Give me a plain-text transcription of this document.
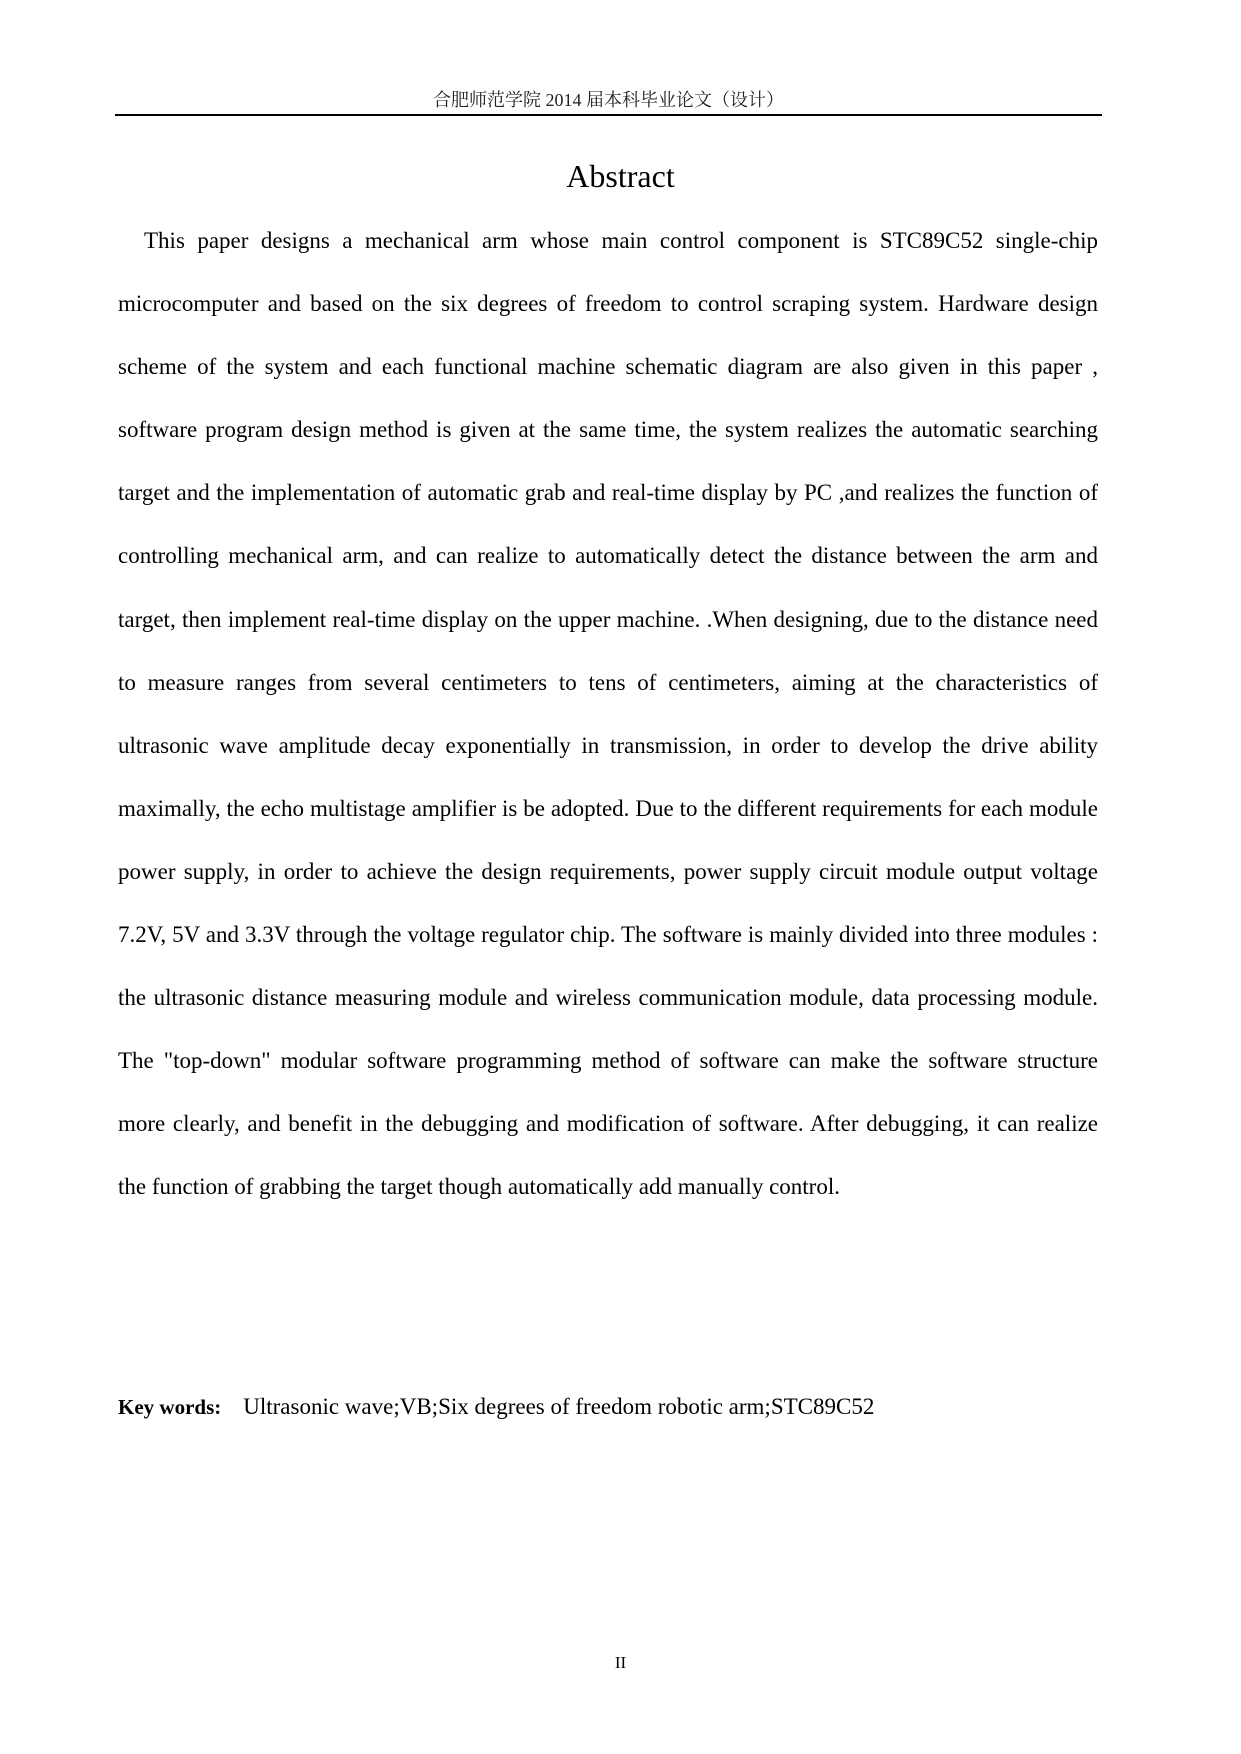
合肥师范学院 2014 届本科毕业论文（设计）
Abstract

This paper designs a mechanical arm whose main control component is STC89C52 single-chip microcomputer and based on the six degrees of freedom to control scraping system. Hardware design scheme of the system and each functional machine schematic diagram are also given in this paper , software program design method is given at the same time, the system realizes the automatic searching target and the implementation of automatic grab and real-time display by PC ,and realizes the function of controlling mechanical arm, and can realize to automatically detect the distance between the arm and target, then implement real-time display on the upper machine. .When designing, due to the distance need to measure ranges from several centimeters to tens of centimeters, aiming at the characteristics of ultrasonic wave amplitude decay exponentially in transmission, in order to develop the drive ability maximally, the echo multistage amplifier is be adopted. Due to the different requirements for each module power supply, in order to achieve the design requirements, power supply circuit module output voltage 7.2V, 5V and 3.3V through the voltage regulator chip. The software is mainly divided into three modules : the ultrasonic distance measuring module and wireless communication module, data processing module. The "top-down" modular software programming method of software can make the software structure more clearly, and benefit in the debugging and modification of software. After debugging, it can realize the function of grabbing the target though automatically add manually control.

Key words: Ultrasonic wave;VB;Six degrees of freedom robotic arm;STC89C52
II
